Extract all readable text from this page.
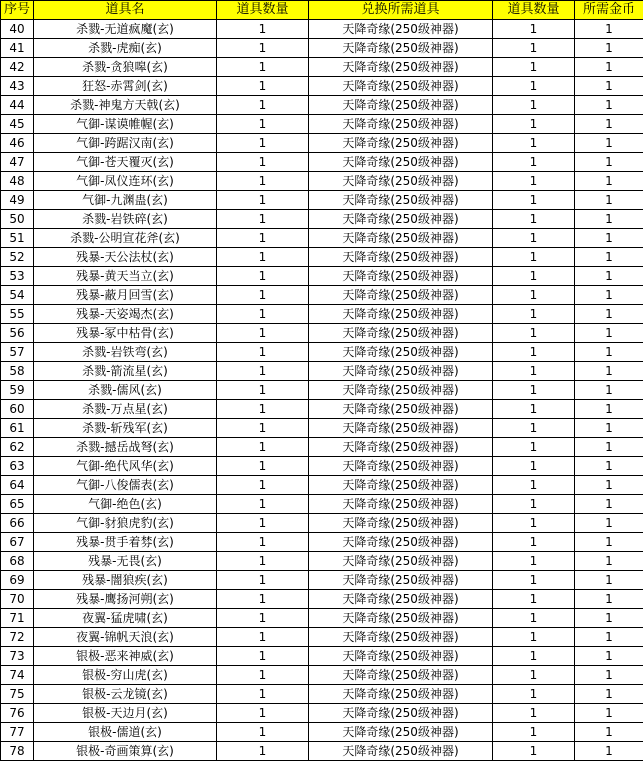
序号	道具名	道具数量	兑换所需道具	道具数量	所需金币
40	杀戮-无道疯魔(玄)	1	天降奇缘(250级神器)	1	1
41	杀戮-虎痴(玄)	1	天降奇缘(250级神器)	1	1
42	杀戮-贪狼嗥(玄)	1	天降奇缘(250级神器)	1	1
43	狂怒-赤霄剑(玄)	1	天降奇缘(250级神器)	1	1
44	杀戮-神鬼方天戟(玄)	1	天降奇缘(250级神器)	1	1
45	气御-谋谟帷幄(玄)	1	天降奇缘(250级神器)	1	1
46	气御-跨踞汉南(玄)	1	天降奇缘(250级神器)	1	1
47	气御-苍天覆灭(玄)	1	天降奇缘(250级神器)	1	1
48	气御-凤仪连环(玄)	1	天降奇缘(250级神器)	1	1
49	气御-九渊蛊(玄)	1	天降奇缘(250级神器)	1	1
50	杀戮-岩铁碎(玄)	1	天降奇缘(250级神器)	1	1
51	杀戮-公明宣花斧(玄)	1	天降奇缘(250级神器)	1	1
52	残暴-天公法杖(玄)	1	天降奇缘(250级神器)	1	1
53	残暴-黄天当立(玄)	1	天降奇缘(250级神器)	1	1
54	残暴-蔽月回雪(玄)	1	天降奇缘(250级神器)	1	1
55	残暴-天姿竭杰(玄)	1	天降奇缘(250级神器)	1	1
56	残暴-冢中枯骨(玄)	1	天降奇缘(250级神器)	1	1
57	杀戮-岩铁弯(玄)	1	天降奇缘(250级神器)	1	1
58	杀戮-箭流星(玄)	1	天降奇缘(250级神器)	1	1
59	杀戮-儒风(玄)	1	天降奇缘(250级神器)	1	1
60	杀戮-万点星(玄)	1	天降奇缘(250级神器)	1	1
61	杀戮-斩残军(玄)	1	天降奇缘(250级神器)	1	1
62	杀戮-撼岳战弩(玄)	1	天降奇缘(250级神器)	1	1
63	气御-绝代风华(玄)	1	天降奇缘(250级神器)	1	1
64	气御-八俊儒表(玄)	1	天降奇缘(250级神器)	1	1
65	气御-绝色(玄)	1	天降奇缘(250级神器)	1	1
66	气御-豺狼虎豹(玄)	1	天降奇缘(250级神器)	1	1
67	残暴-贯手着棼(玄)	1	天降奇缘(250级神器)	1	1
68	残暴-无畏(玄)	1	天降奇缘(250级神器)	1	1
69	残暴-闇狼疾(玄)	1	天降奇缘(250级神器)	1	1
70	残暴-鹰扬河朔(玄)	1	天降奇缘(250级神器)	1	1
71	夜翼-猛虎啸(玄)	1	天降奇缘(250级神器)	1	1
72	夜翼-锦帆天浪(玄)	1	天降奇缘(250级神器)	1	1
73	银极-恶来神威(玄)	1	天降奇缘(250级神器)	1	1
74	银极-穷山虎(玄)	1	天降奇缘(250级神器)	1	1
75	银极-云龙镜(玄)	1	天降奇缘(250级神器)	1	1
76	银极-天边月(玄)	1	天降奇缘(250级神器)	1	1
77	银极-儒道(玄)	1	天降奇缘(250级神器)	1	1
78	银极-奇画策算(玄)	1	天降奇缘(250级神器)	1	1
